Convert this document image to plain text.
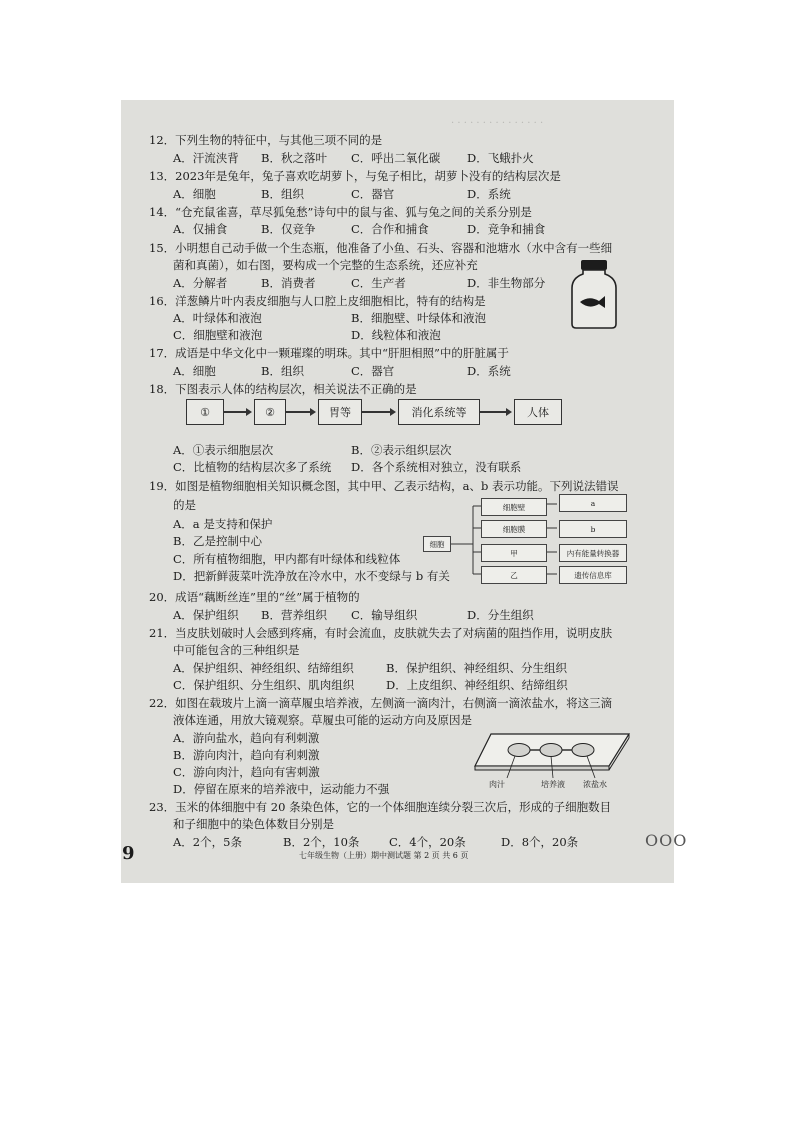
· · · · · · · · · · · · · · ·
12．下列生物的特征中，与其他三项不同的是
A．汗流浃背 B．秋之落叶 C．呼出二氧化碳 D．飞蛾扑火
13．2023年是兔年，兔子喜欢吃胡萝卜，与兔子相比，胡萝卜没有的结构层次是
A．细胞	B．组织	C．器官	D．系统
14．“仓充鼠雀喜，草尽狐兔愁”诗句中的鼠与雀、狐与兔之间的关系分别是
A．仅捕食	B．仅竞争	C．合作和捕食	D．竞争和捕食
15．小明想自己动手做一个生态瓶，他准备了小鱼、石头、容器和池塘水（水中含有一些细
菌和真菌），如右图，要构成一个完整的生态系统，还应补充
A．分解者	B．消费者	C．生产者	D．非生物部分
16．洋葱鳞片叶内表皮细胞与人口腔上皮细胞相比，特有的结构是
A．叶绿体和液泡	B．细胞壁、叶绿体和液泡
C．细胞壁和液泡	D．线粒体和液泡
17．成语是中华文化中一颗璀璨的明珠。其中“肝胆相照”中的肝脏属于
A．细胞	B．组织	C．器官	D．系统
18．下图表示人体的结构层次，相关说法不正确的是
①	②	胃等	消化系统等	人体
A．①表示细胞层次	B．②表示组织层次
C．比植物的结构层次多了系统 D．各个系统相对独立，没有联系
19．如图是植物细胞相关知识概念图，其中甲、乙表示结构，a、b 表示功能。下列说法错误
的是
A．a 是支持和保护
B．乙是控制中心
C．所有植物细胞，甲内都有叶绿体和线粒体
D．把新鲜菠菜叶洗净放在冷水中，水不变绿与 b 有关
细胞
细胞壁
细胞膜
甲
乙
a
b
内有能量转换器
遗传信息库
20．成语“藕断丝连”里的“丝”属于植物的
A．保护组织 B．营养组织 C．输导组织	D．分生组织
21．当皮肤划破时人会感到疼痛，有时会流血，皮肤就失去了对病菌的阻挡作用，说明皮肤
中可能包含的三种组织是
A．保护组织、神经组织、结缔组织	B．保护组织、神经组织、分生组织
C．保护组织、分生组织、肌肉组织	D．上皮组织、神经组织、结缔组织
22．如图在载玻片上滴一滴草履虫培养液，左侧滴一滴肉汁，右侧滴一滴浓盐水，将这三滴
液体连通，用放大镜观察。草履虫可能的运动方向及原因是
A．游向盐水，趋向有利刺激
B．游向肉汁，趋向有利刺激
C．游向肉汁，趋向有害刺激
D．停留在原来的培养液中，运动能力不强	肉汁	培养液 浓盐水
23．玉米的体细胞中有 20 条染色体，它的一个体细胞连续分裂三次后，形成的子细胞数目
和子细胞中的染色体数目分别是
A．2个，5条	B．2个，10条	C．4个，20条	D．8个，20条
9
OOO
七年级生物（上册）期中测试题 第 2 页 共 6 页
